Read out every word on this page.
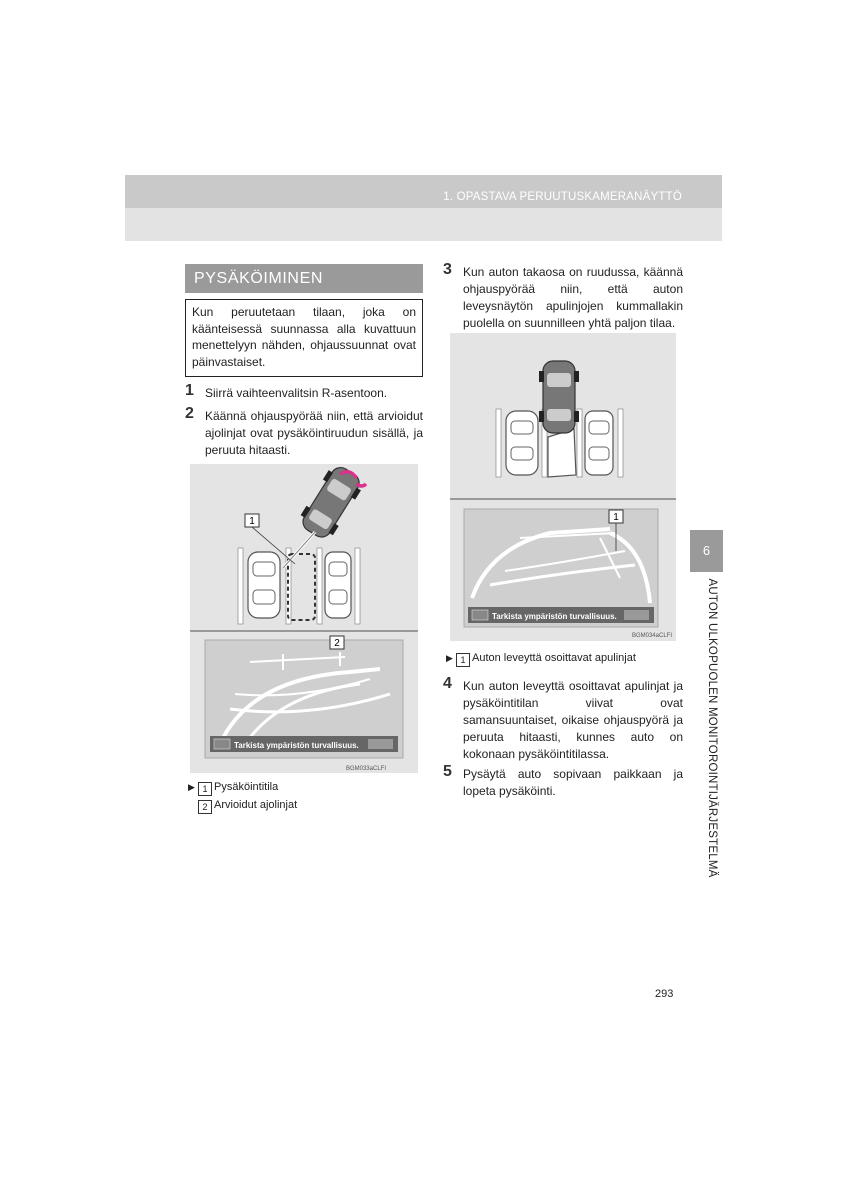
1. OPASTAVA PERUUTUSKAMERANÄYTTÖ
PYSÄKÖIMINEN
Kun peruutetaan tilaan, joka on käänteisessä suunnassa alla kuvattuun menettelyyn nähden, ohjaussuunnat ovat päinvastaiset.
1 Siirrä vaihteenvalitsin R-asentoon.
2 Käännä ohjauspyörää niin, että arvioidut ajolinjat ovat pysäköintiruudun sisällä, ja peruuta hitaasti.
1
2
Tarkista ympäristön turvallisuus.
BGM033aCLFI
▶ 1 Pysäköintitila
2 Arvioidut ajolinjat
3 Kun auton takaosa on ruudussa, käännä ohjauspyörää niin, että auton leveysnäytön apulinjojen kummallakin puolella on suunnilleen yhtä paljon tilaa.
1
Tarkista ympäristön turvallisuus.
BGM034aCLFI
▶ 1 Auton leveyttä osoittavat apulinjat
4 Kun auton leveyttä osoittavat apulinjat ja pysäköintitilan viivat ovat samansuuntaiset, oikaise ohjauspyörä ja peruuta hitaasti, kunnes auto on kokonaan pysäköintitilassa.
5 Pysäytä auto sopivaan paikkaan ja lopeta pysäköinti.
6
AUTON ULKOPUOLEN MONITOROINTIJÄRJESTELMÄ
293
